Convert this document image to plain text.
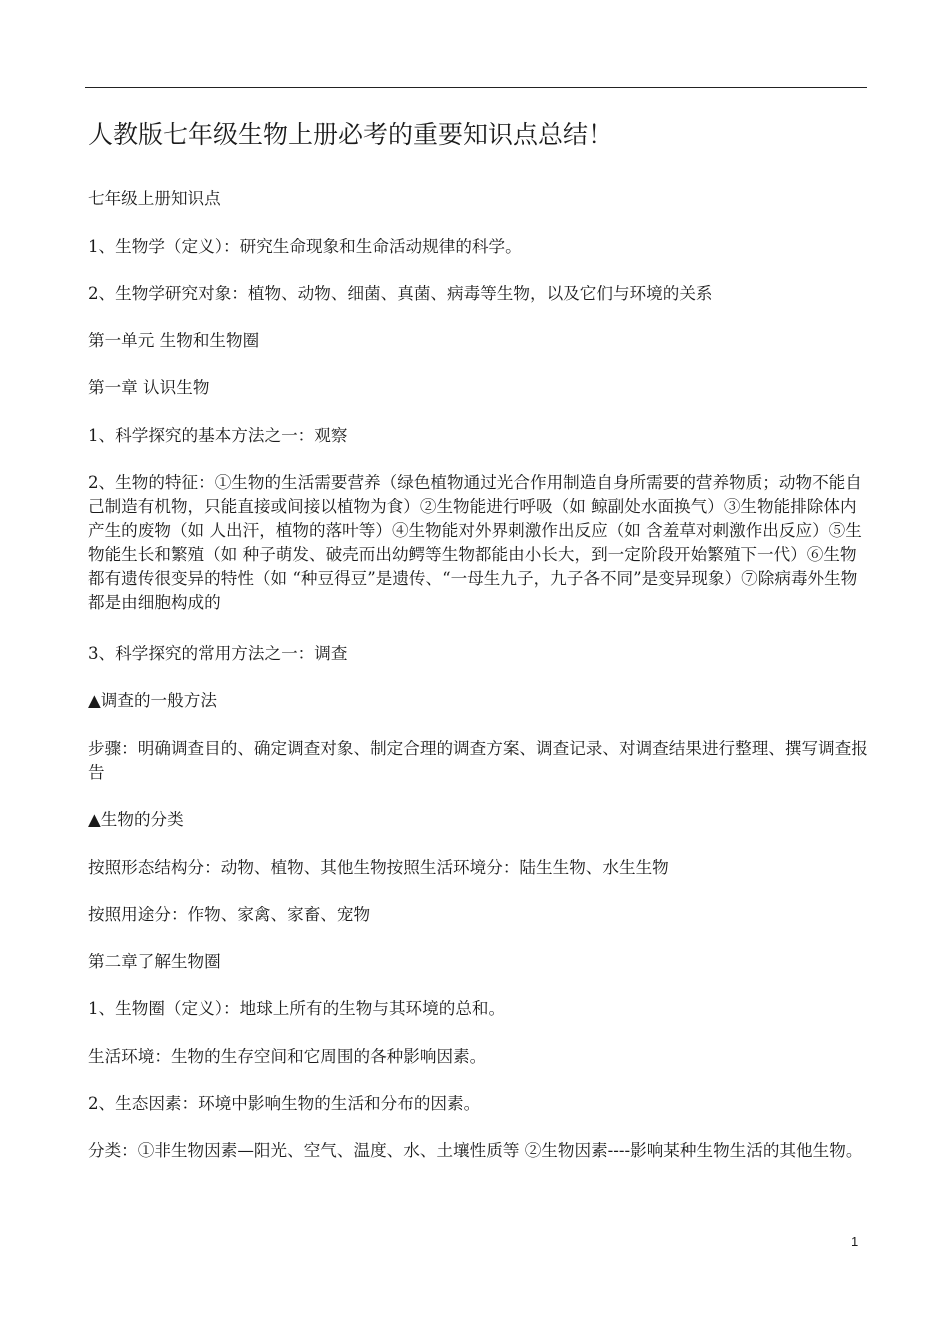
人教版七年级生物上册必考的重要知识点总结！

七年级上册知识点

1、生物学（定义）：研究生命现象和生命活动规律的科学。

2、生物学研究对象：植物、动物、细菌、真菌、病毒等生物，以及它们与环境的关系

第一单元 生物和生物圈

第一章 认识生物

1、科学探究的基本方法之一：观察

2、生物的特征：①生物的生活需要营养（绿色植物通过光合作用制造自身所需要的营养物质；动物不能自己制造有机物，只能直接或间接以植物为食）②生物能进行呼吸（如 鲸副处水面换气）③生物能排除体内产生的废物（如 人出汗，植物的落叶等）④生物能对外界刺激作出反应（如 含羞草对刺激作出反应）⑤生物能生长和繁殖（如 种子萌发、破壳而出幼鳄等生物都能由小长大，到一定阶段开始繁殖下一代）⑥生物都有遗传很变异的特性（如 “种豆得豆”是遗传、“一母生九子，九子各不同”是变异现象）⑦除病毒外生物都是由细胞构成的

3、科学探究的常用方法之一：调查

▲调查的一般方法

步骤：明确调查目的、确定调查对象、制定合理的调查方案、调查记录、对调查结果进行整理、撰写调查报告

▲生物的分类

按照形态结构分：动物、植物、其他生物按照生活环境分：陆生生物、水生生物

按照用途分：作物、家禽、家畜、宠物

第二章了解生物圈

1、生物圈（定义）：地球上所有的生物与其环境的总和。

生活环境：生物的生存空间和它周围的各种影响因素。

2、生态因素：环境中影响生物的生活和分布的因素。

分类：①非生物因素—阳光、空气、温度、水、土壤性质等 ②生物因素----影响某种生物生活的其他生物。

1
